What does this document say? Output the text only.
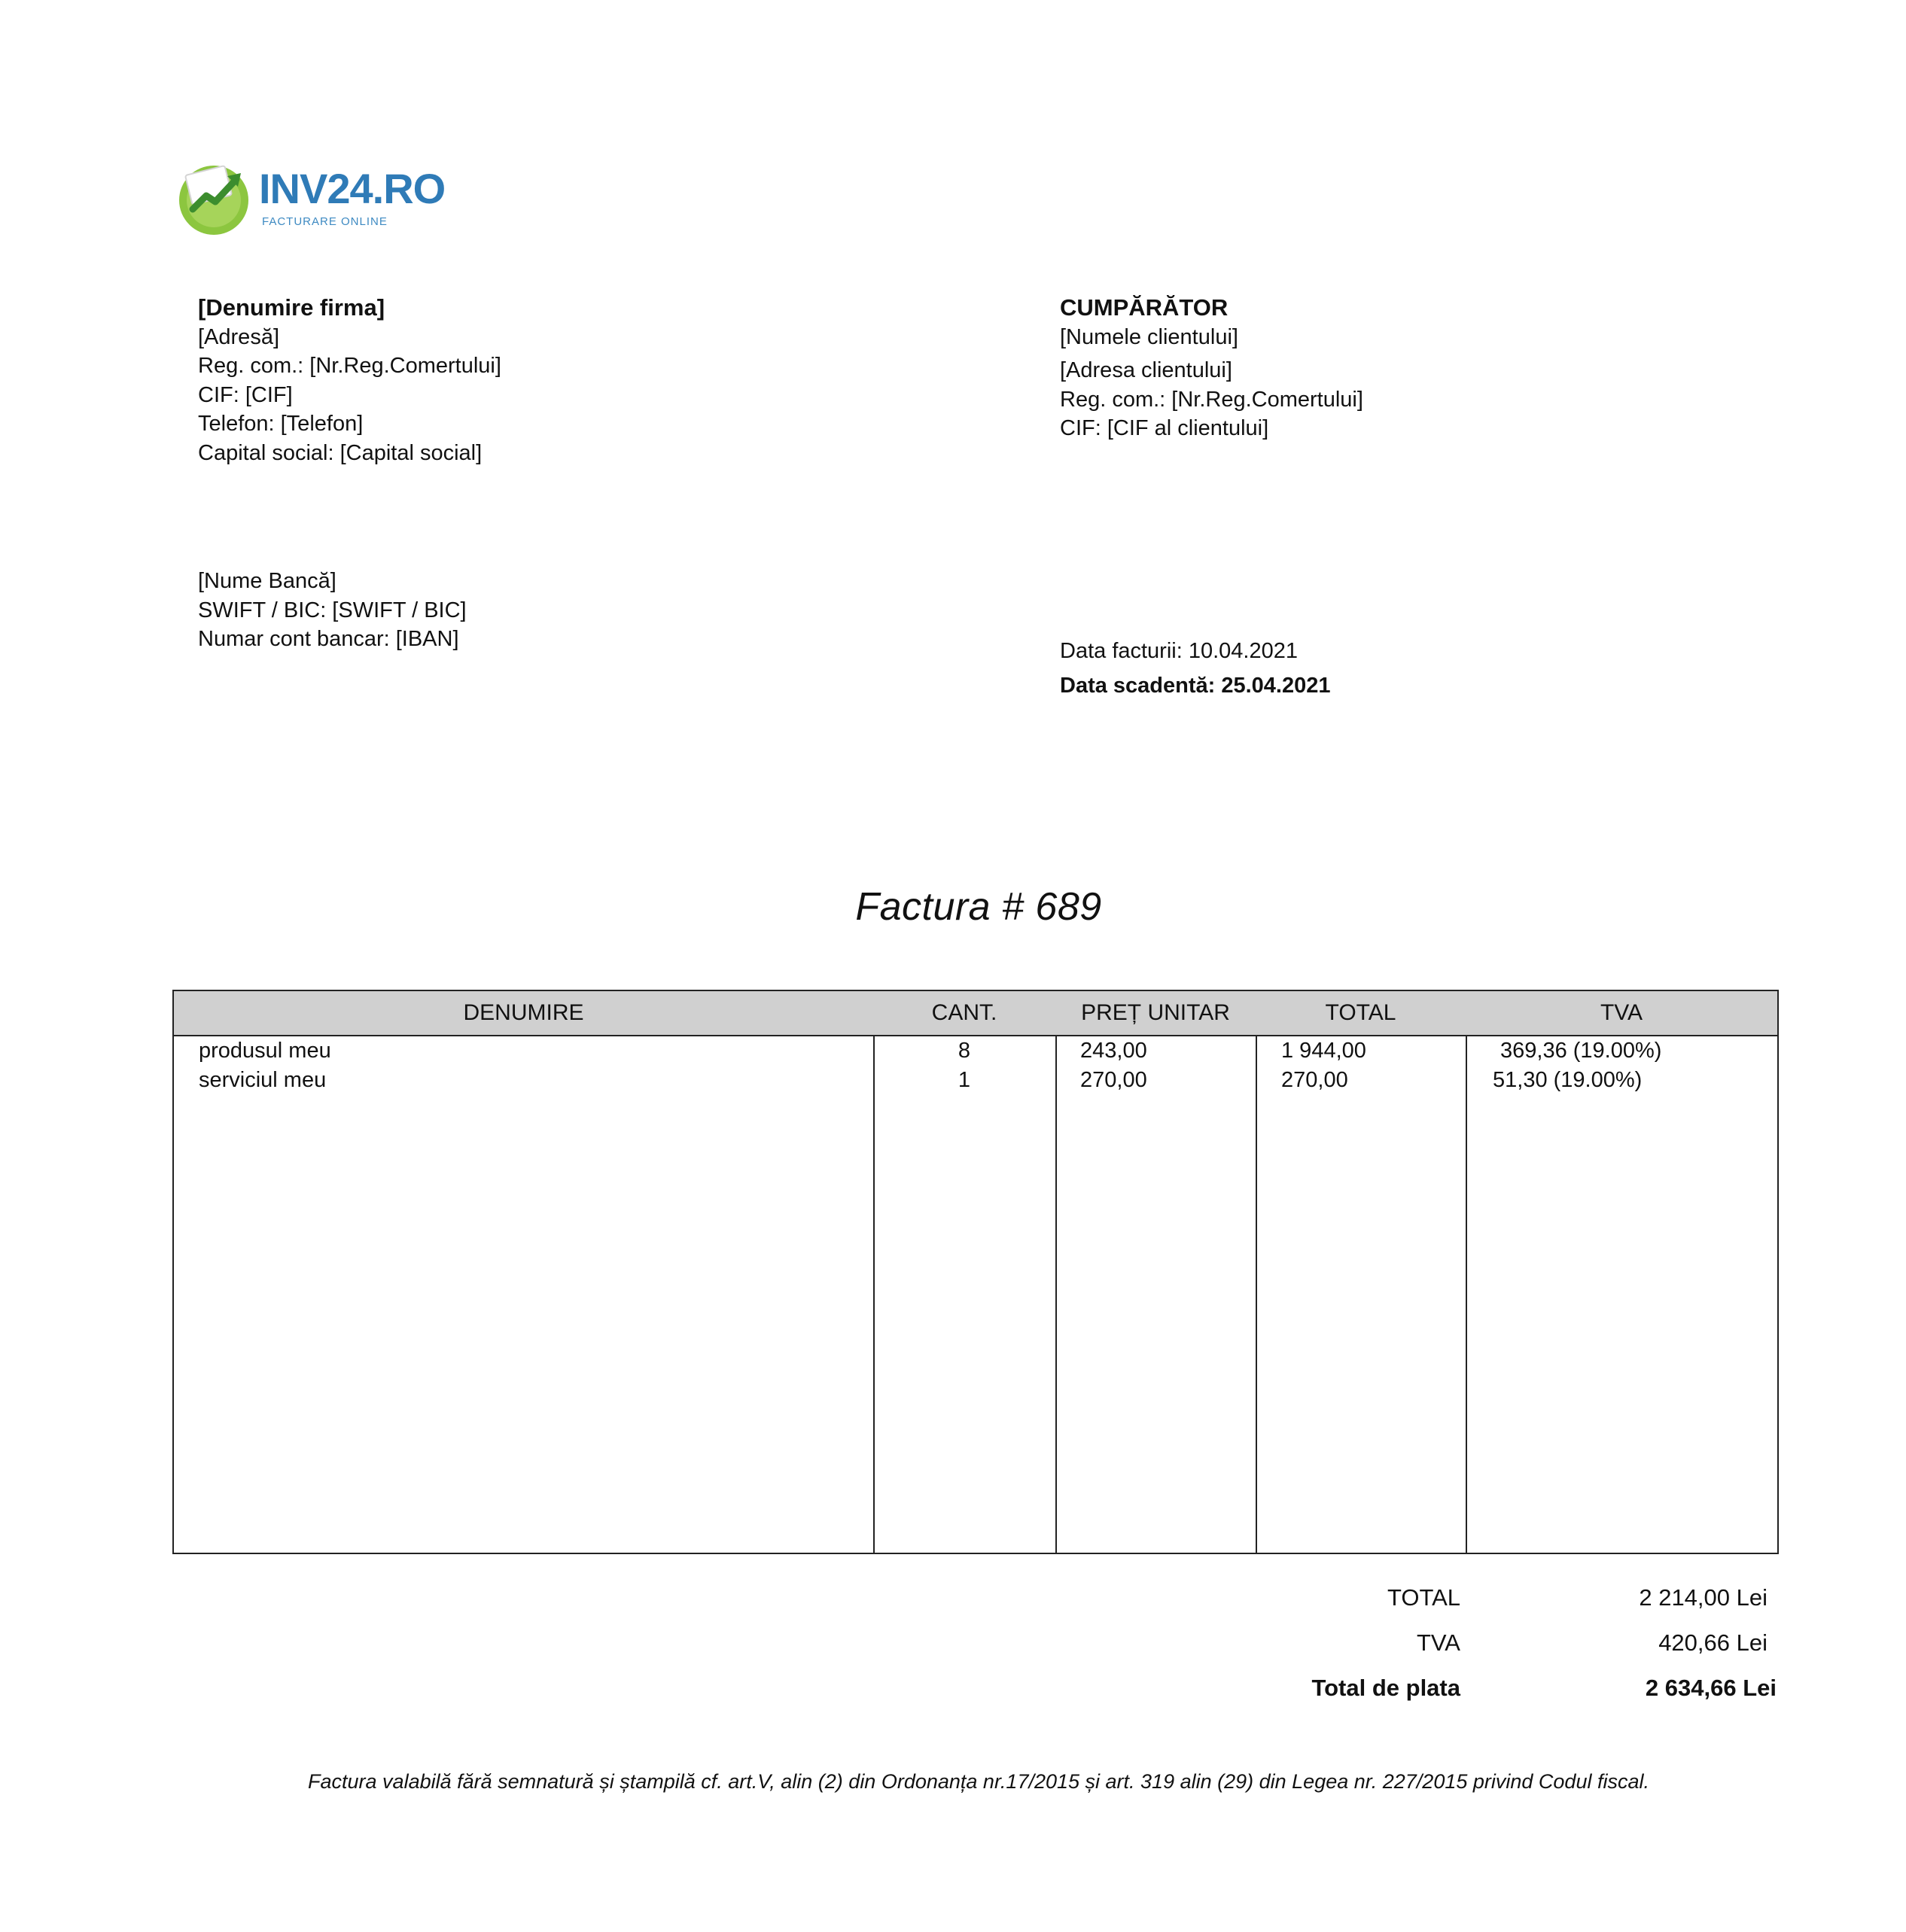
INV24.RO
FACTURARE ONLINE
[Denumire firma]
[Adresă]
Reg. com.: [Nr.Reg.Comertului]
CIF: [CIF]
Telefon: [Telefon]
Capital social: [Capital social]
[Nume Bancă]
SWIFT / BIC: [SWIFT / BIC]
Numar cont bancar: [IBAN]
CUMPĂRĂTOR
[Numele clientului]
[Adresa clientului]
Reg. com.: [Nr.Reg.Comertului]
CIF: [CIF al clientului]
Data facturii: 10.04.2021
Data scadentă: 25.04.2021
Factura # 689
DENUMIRE	CANT.	PREȚ UNITAR	TOTAL	TVA
produsul meu	8	243,00	1 944,00	369,36 (19.00%)
serviciul meu	1	270,00	270,00	51,30 (19.00%)
TOTAL	2 214,00 Lei
TVA	420,66 Lei
Total de plata	2 634,66 Lei
Factura valabilă fără semnatură și ștampilă cf. art.V, alin (2) din Ordonanța nr.17/2015 și art. 319 alin (29) din Legea nr. 227/2015 privind Codul fiscal.
